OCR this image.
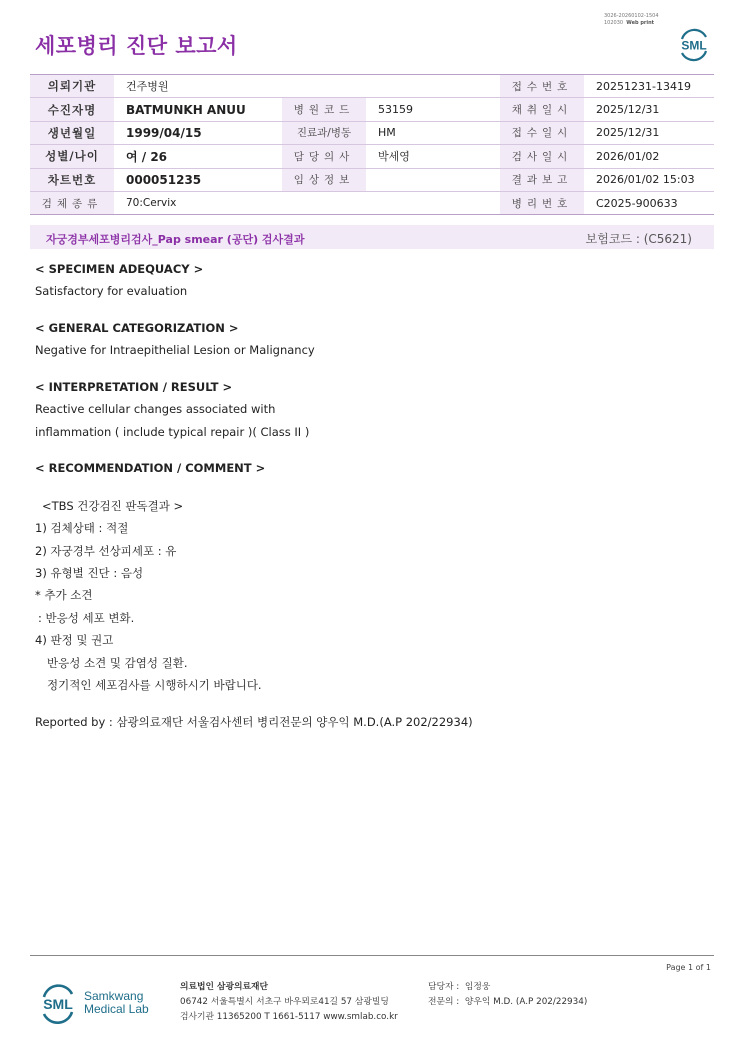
3026-20260102-1504
102030 Web print
세포병리 진단 보고서	SML
의뢰기관	건주병원			접수번호	20251231-13419
수진자명	BATMUNKH ANUU	병원코드	53159	채취일시	2025/12/31
생년월일	1999/04/15	진료과/병동	HM	접수일시	2025/12/31
성별/나이	여 / 26	담당의사	박세영	검사일시	2026/01/02
차트번호	000051235	임상정보		결과보고	2026/01/02 15:03
검체종류	70:Cervix			병리번호	C2025-900633
자궁경부세포병리검사_Pap smear (공단) 검사결과	보험코드 : (C5621)
< SPECIMEN ADEQUACY >
Satisfactory for evaluation
< GENERAL CATEGORIZATION >
Negative for Intraepithelial Lesion or Malignancy
< INTERPRETATION / RESULT >
Reactive cellular changes associated with
inflammation ( include typical repair )( Class II )
< RECOMMENDATION / COMMENT >
<TBS 건강검진 판독결과 >
1) 검체상태 : 적절
2) 자궁경부 선상피세포 : 유
3) 유형별 진단 : 음성
* 추가 소견
: 반응성 세포 변화.
4) 판정 및 권고
반응성 소견 및 감염성 질환.
정기적인 세포검사를 시행하시기 바랍니다.
Reported by : 삼광의료재단 서울검사센터 병리전문의 양우익 M.D.(A.P 202/22934)
Page 1 of 1
SML Samkwang
Medical Lab
의료법인 삼광의료재단
06742 서울특별시 서초구 바우뫼로41길 57 삼광빌딩
검사기관 11365200 T 1661-5117 www.smlab.co.kr
담당자 : 임정웅
전문의 : 양우익 M.D. (A.P 202/22934)
